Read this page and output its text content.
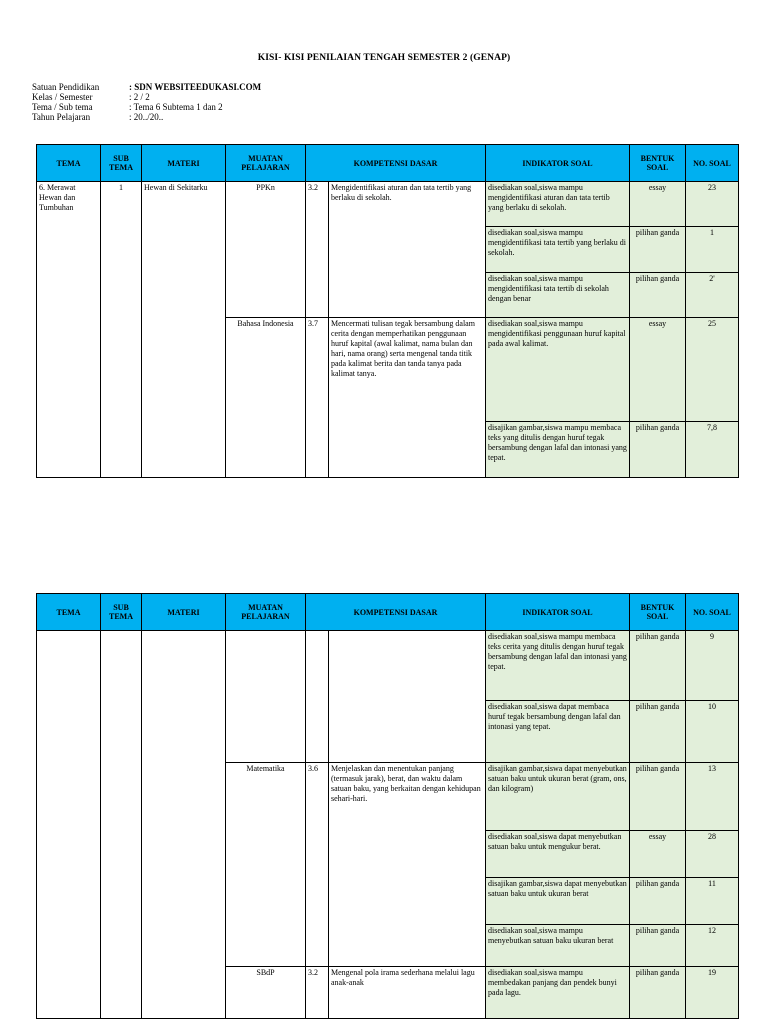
KISI- KISI PENILAIAN TENGAH SEMESTER 2 (GENAP)
Satuan Pendidikan	: SDN WEBSITEEDUKASI.COM
Kelas / Semester	: 2 / 2
Tema / Sub tema	: Tema 6 Subtema 1 dan 2
Tahun Pelajaran	: 20../20..
TEMA	SUB TEMA	MATERI	MUATAN PELAJARAN	KOMPETENSI DASAR		INDIKATOR SOAL	BENTUK SOAL	NO. SOAL
6. Merawat Hewan dan Tumbuhan	1	Hewan di Sekitarku	PPKn	3.2	Mengidentifikasi aturan dan tata tertib yang berlaku di sekolah.	disediakan soal,siswa mampu mengidentifikasi aturan dan tata tertib yang berlaku di sekolah.	essay	23
						disediakan soal,siswa mampu mengidentifikasi tata tertib yang berlaku di sekolah.	pilihan ganda	1
						disediakan soal,siswa mampu mengidentifikasi tata tertib di sekolah dengan benar	pilihan ganda	2'
			Bahasa Indonesia	3.7	Mencermati tulisan tegak bersambung dalam cerita dengan memperhatikan penggunaan huruf kapital (awal kalimat, nama bulan dan hari, nama orang) serta mengenal tanda titik pada kalimat berita dan tanda tanya pada kalimat tanya.	disediakan soal,siswa mampu mengidentifikasi penggunaan huruf kapital pada awal kalimat.	essay	25
						disajikan gambar,siswa mampu membaca teks yang ditulis dengan huruf tegak bersambung dengan lafal dan intonasi yang tepat.	pilihan ganda	7,8
TEMA	SUB TEMA	MATERI	MUATAN PELAJARAN	KOMPETENSI DASAR		INDIKATOR SOAL	BENTUK SOAL	NO. SOAL
						disediakan soal,siswa mampu membaca teks cerita yang ditulis dengan huruf tegak bersambung dengan lafal dan intonasi yang tepat.	pilihan ganda	9
						disediakan soal,siswa dapat membaca huruf tegak bersambung dengan lafal dan intonasi yang tepat.	pilihan ganda	10
			Matematika	3.6	Menjelaskan dan menentukan panjang (termasuk jarak), berat, dan waktu dalam satuan baku, yang berkaitan dengan kehidupan sehari-hari.	disajikan gambar,siswa dapat menyebutkan satuan baku untuk ukuran berat (gram, ons, dan kilogram)	pilihan ganda	13
						disediakan soal,siswa dapat menyebutkan satuan baku untuk mengukur berat.	essay	28
						disajikan gambar,siswa dapat menyebutkan satuan baku untuk ukuran berat	pilihan ganda	11
						disediakan soal,siswa mampu menyebutkan satuan baku ukuran berat	pilihan ganda	12
			SBdP	3.2	Mengenal pola irama sederhana melalui lagu anak-anak	disediakan soal,siswa mampu membedakan panjang dan pendek bunyi pada lagu.	pilihan ganda	19
